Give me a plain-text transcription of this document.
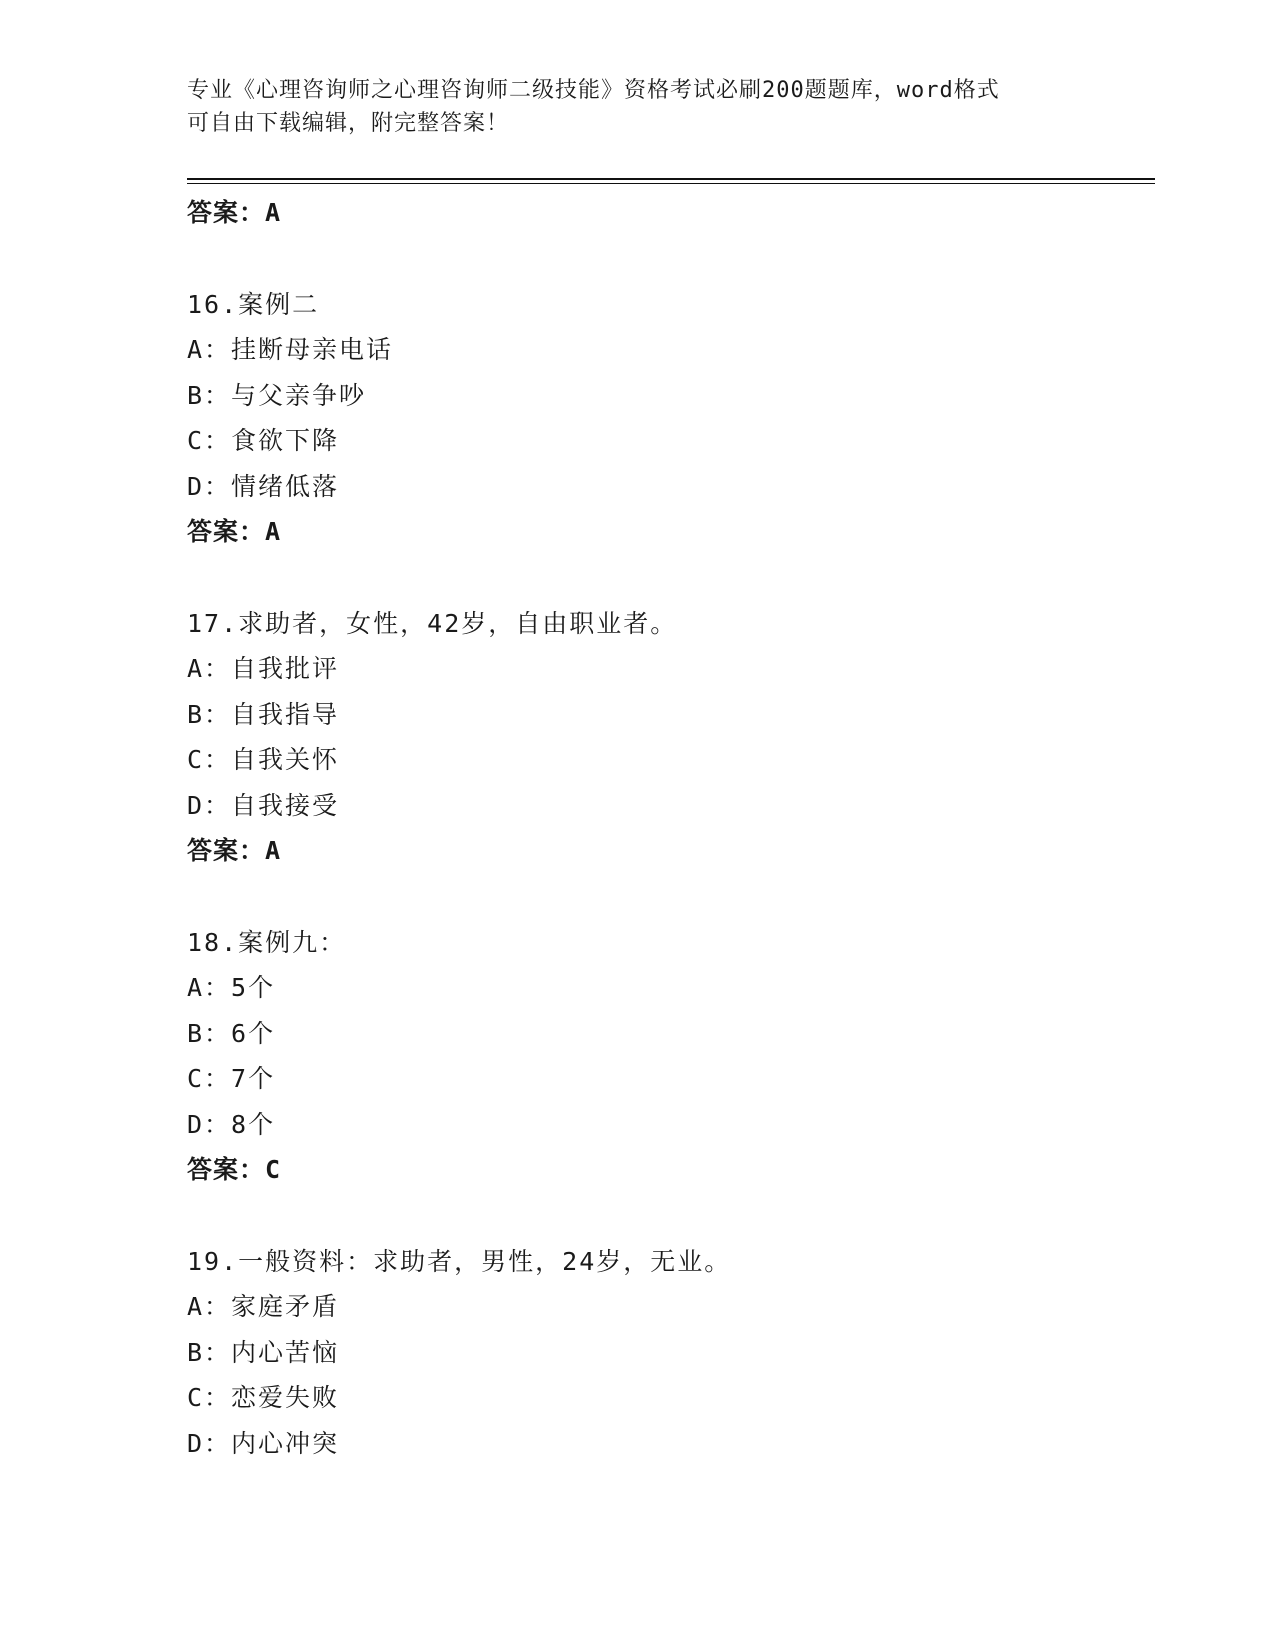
专业《心理咨询师之心理咨询师二级技能》资格考试必刷200题题库，word格式
可自由下载编辑，附完整答案！
答案：A
16.案例二
A：挂断母亲电话
B：与父亲争吵
C：食欲下降
D：情绪低落
答案：A
17.求助者，女性，42岁，自由职业者。
A：自我批评
B：自我指导
C：自我关怀
D：自我接受
答案：A
18.案例九：
A：5个
B：6个
C：7个
D：8个
答案：C
19.一般资料：求助者，男性，24岁，无业。
A：家庭矛盾
B：内心苦恼
C：恋爱失败
D：内心冲突
